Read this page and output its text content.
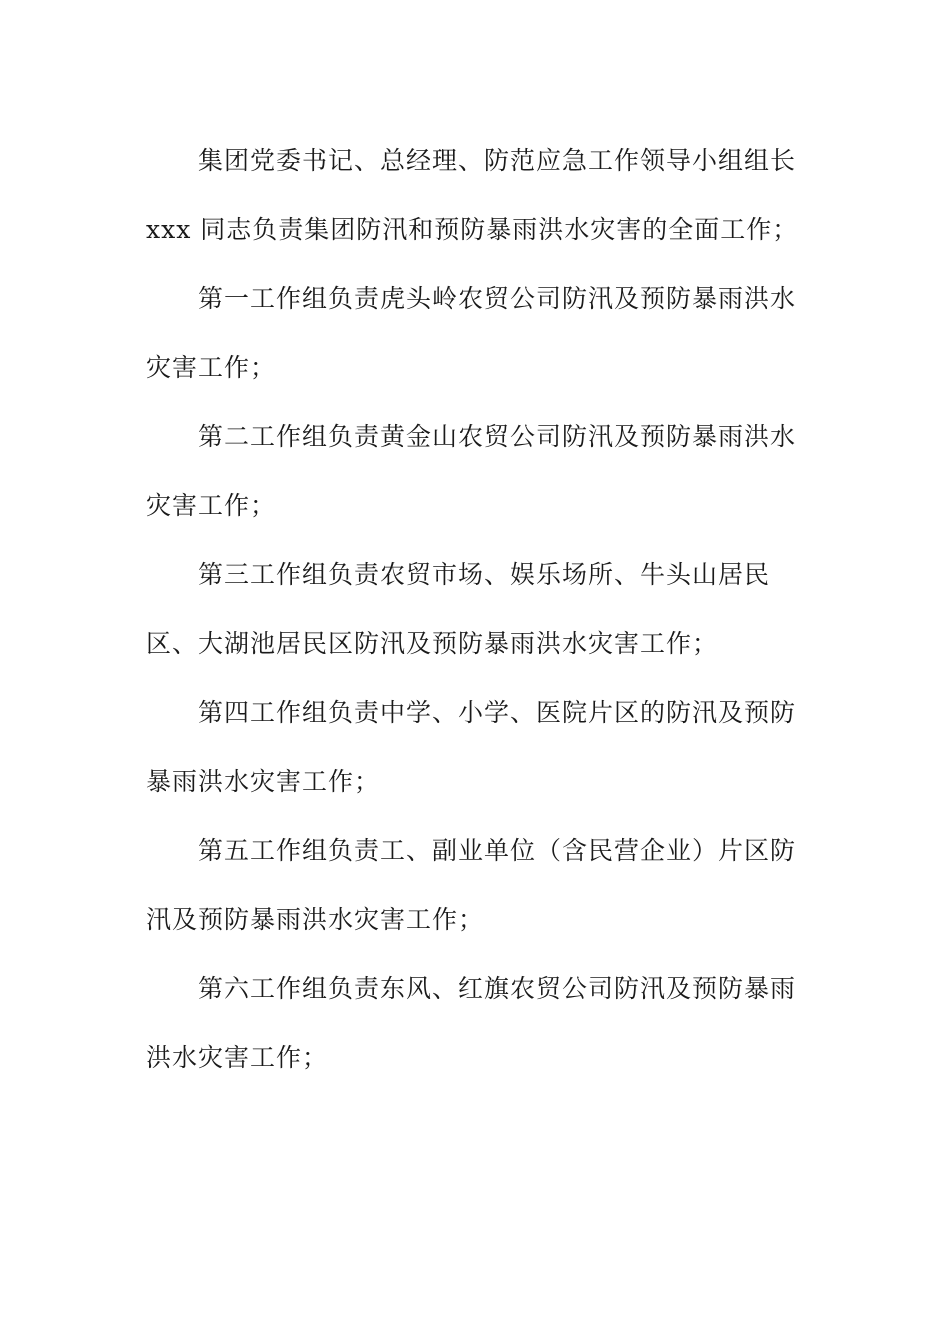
集团党委书记、总经理、防范应急工作领导小组组长
xxx 同志负责集团防汛和预防暴雨洪水灾害的全面工作；

第一工作组负责虎头岭农贸公司防汛及预防暴雨洪水
灾害工作；

第二工作组负责黄金山农贸公司防汛及预防暴雨洪水
灾害工作；

第三工作组负责农贸市场、娱乐场所、牛头山居民
区、大湖池居民区防汛及预防暴雨洪水灾害工作；

第四工作组负责中学、小学、医院片区的防汛及预防
暴雨洪水灾害工作；

第五工作组负责工、副业单位（含民营企业）片区防
汛及预防暴雨洪水灾害工作；

第六工作组负责东风、红旗农贸公司防汛及预防暴雨
洪水灾害工作；
